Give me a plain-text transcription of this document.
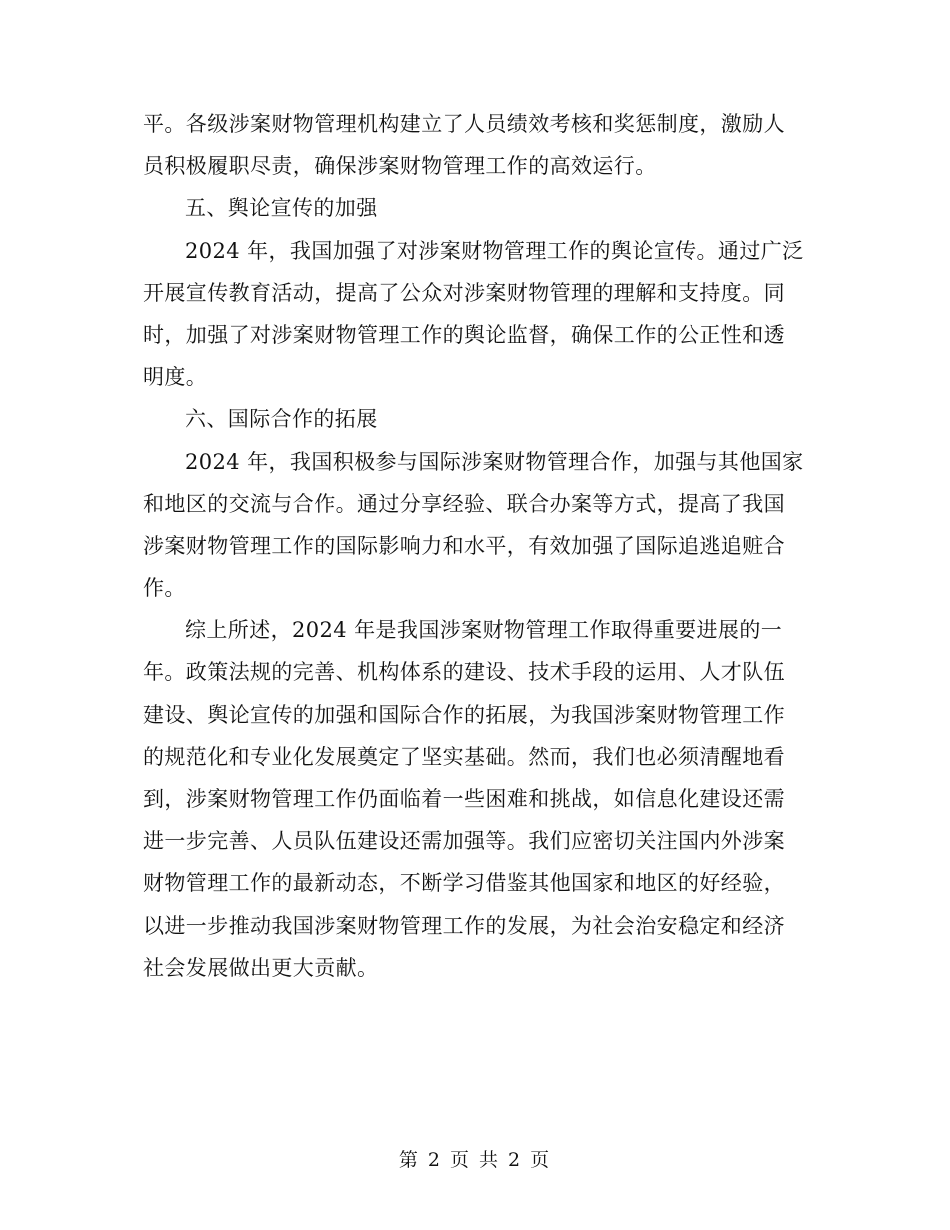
平。各级涉案财物管理机构建立了人员绩效考核和奖惩制度，激励人
员积极履职尽责，确保涉案财物管理工作的高效运行。
五、舆论宣传的加强
2024 年，我国加强了对涉案财物管理工作的舆论宣传。通过广泛
开展宣传教育活动，提高了公众对涉案财物管理的理解和支持度。同
时，加强了对涉案财物管理工作的舆论监督，确保工作的公正性和透
明度。
六、国际合作的拓展
2024 年，我国积极参与国际涉案财物管理合作，加强与其他国家
和地区的交流与合作。通过分享经验、联合办案等方式，提高了我国
涉案财物管理工作的国际影响力和水平，有效加强了国际追逃追赃合
作。
综上所述，2024 年是我国涉案财物管理工作取得重要进展的一
年。政策法规的完善、机构体系的建设、技术手段的运用、人才队伍
建设、舆论宣传的加强和国际合作的拓展，为我国涉案财物管理工作
的规范化和专业化发展奠定了坚实基础。然而，我们也必须清醒地看
到，涉案财物管理工作仍面临着一些困难和挑战，如信息化建设还需
进一步完善、人员队伍建设还需加强等。我们应密切关注国内外涉案
财物管理工作的最新动态，不断学习借鉴其他国家和地区的好经验，
以进一步推动我国涉案财物管理工作的发展，为社会治安稳定和经济
社会发展做出更大贡献。
第 2 页 共 2 页
